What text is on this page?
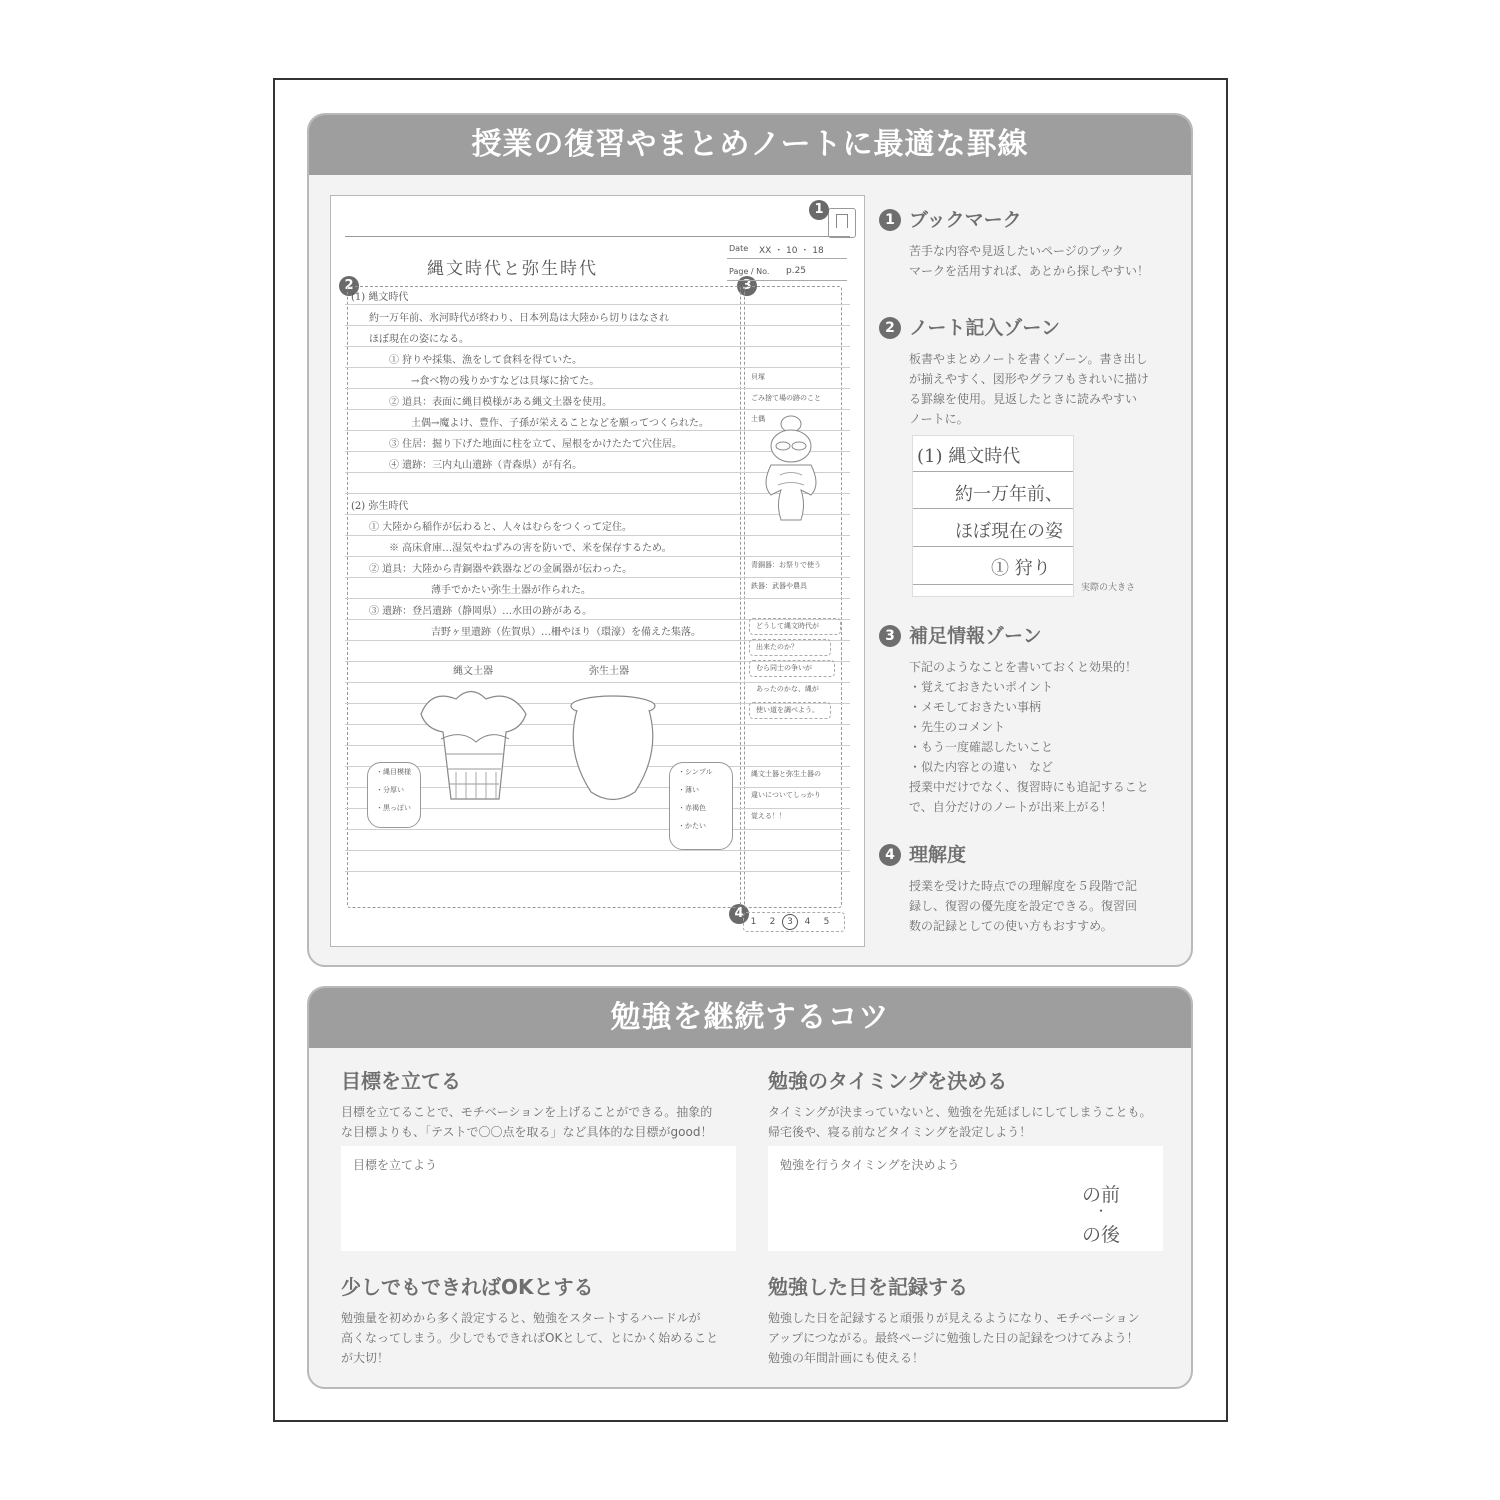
授業の復習やまとめノートに最適な罫線
1
2	3
4
Date XX ・ 10 ・ 18
Page / No. p.25
縄文時代と弥生時代
(1) 縄文時代
約一万年前、氷河時代が終わり、日本列島は大陸から切りはなされ
ほぼ現在の姿になる。
① 狩りや採集、漁をして食料を得ていた。
→食べ物の残りかすなどは貝塚に捨てた。
② 道具：表面に縄目模様がある縄文土器を使用。
土偶→魔よけ、豊作、子孫が栄えることなどを願ってつくられた。
③ 住居：掘り下げた地面に柱を立て、屋根をかけたたて穴住居。
④ 遺跡：三内丸山遺跡（青森県）が有名。
(2) 弥生時代
① 大陸から稲作が伝わると、人々はむらをつくって定住。
※ 高床倉庫…湿気やねずみの害を防いで、米を保存するため。
② 道具：大陸から青銅器や鉄器などの金属器が伝わった。
薄手でかたい弥生土器が作られた。
③ 遺跡：登呂遺跡（静岡県）…水田の跡がある。
吉野ヶ里遺跡（佐賀県）…柵やほり（環濠）を備えた集落。
縄文土器	弥生土器
・縄目模様
・分厚い
・黒っぽい
・シンプル
・薄い
・赤褐色
・かたい
貝塚
ごみ捨て場の跡のこと
土偶
青銅器：お祭りで使う
鉄器：武器や農具
どうして縄文時代が
出来たのか？
むら同士の争いが
あったのかな、縄が
使い道を調べよう。
縄文土器と弥生土器の
違いについてしっかり
覚える！！
1 2 3 4 5
1 ブックマーク
苦手な内容や見返したいページのブック
マークを活用すれば、あとから探しやすい！
2 ノート記入ゾーン
板書やまとめノートを書くゾーン。書き出し
が揃えやすく、図形やグラフもきれいに描け
る罫線を使用。見返したときに読みやすい
ノートに。
(1) 縄文時代
約一万年前、
ほぼ現在の姿
① 狩り
実際の大きさ
3 補足情報ゾーン
下記のようなことを書いておくと効果的！
・覚えておきたいポイント
・メモしておきたい事柄
・先生のコメント
・もう一度確認したいこと
・似た内容との違い　など
授業中だけでなく、復習時にも追記すること
で、自分だけのノートが出来上がる！
4 理解度
授業を受けた時点での理解度を５段階で記
録し、復習の優先度を設定できる。復習回
数の記録としての使い方もおすすめ。
勉強を継続するコツ
目標を立てる

目標を立てることで、モチベーションを上げることができる。抽象的
な目標よりも、「テストで〇〇点を取る」など具体的な目標がgood！

目標を立てよう
勉強のタイミングを決める

タイミングが決まっていないと、勉強を先延ばしにしてしまうことも。
帰宅後や、寝る前などタイミングを設定しよう！

勉強を行うタイミングを決めよう
の前
・
の後
少しでもできればOKとする

勉強量を初めから多く設定すると、勉強をスタートするハードルが
高くなってしまう。少しでもできればOKとして、とにかく始めること
が大切！

勉強した日を記録する

勉強した日を記録すると頑張りが見えるようになり、モチベーション
アップにつながる。最終ページに勉強した日の記録をつけてみよう！
勉強の年間計画にも使える！
